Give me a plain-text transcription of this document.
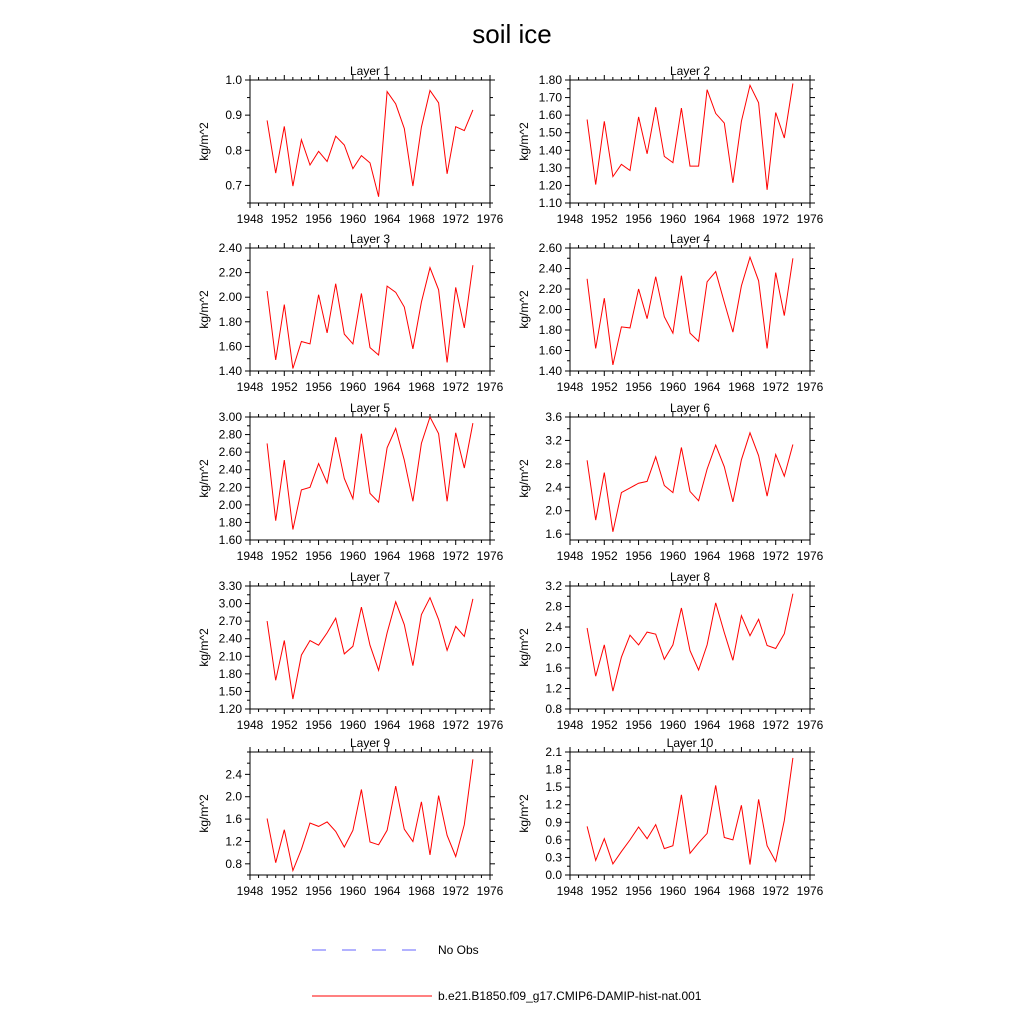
soil ice
Layer 1
1948 1952 1956 1960 1964 1968 1972 1976
0.7
0.8
0.9
1.0
kg/m^2
Layer 2
1948 1952 1956 1960 1964 1968 1972 1976
1.10
1.20
1.30
1.40
1.50
1.60
1.70
1.80
kg/m^2
Layer 3
1948 1952 1956 1960 1964 1968 1972 1976
1.40
1.60
1.80
2.00
2.20
2.40
kg/m^2
Layer 4
1948 1952 1956 1960 1964 1968 1972 1976
1.40
1.60
1.80
2.00
2.20
2.40
2.60
kg/m^2
Layer 5
1948 1952 1956 1960 1964 1968 1972 1976
1.60
1.80
2.00
2.20
2.40
2.60
2.80
3.00
kg/m^2
Layer 6
1948 1952 1956 1960 1964 1968 1972 1976
1.6
2.0
2.4
2.8
3.2
3.6
kg/m^2
Layer 7
1948 1952 1956 1960 1964 1968 1972 1976
1.20
1.50
1.80
2.10
2.40
2.70
3.00
3.30
kg/m^2
Layer 8
1948 1952 1956 1960 1964 1968 1972 1976
0.8
1.2
1.6
2.0
2.4
2.8
3.2
kg/m^2
Layer 9
1948 1952 1956 1960 1964 1968 1972 1976
0.8
1.2
1.6
2.0
2.4
kg/m^2
Layer 10
1948 1952 1956 1960 1964 1968 1972 1976
0.0
0.3
0.6
0.9
1.2
1.5
1.8
2.1
kg/m^2
No Obs
b.e21.B1850.f09_g17.CMIP6-DAMIP-hist-nat.001
